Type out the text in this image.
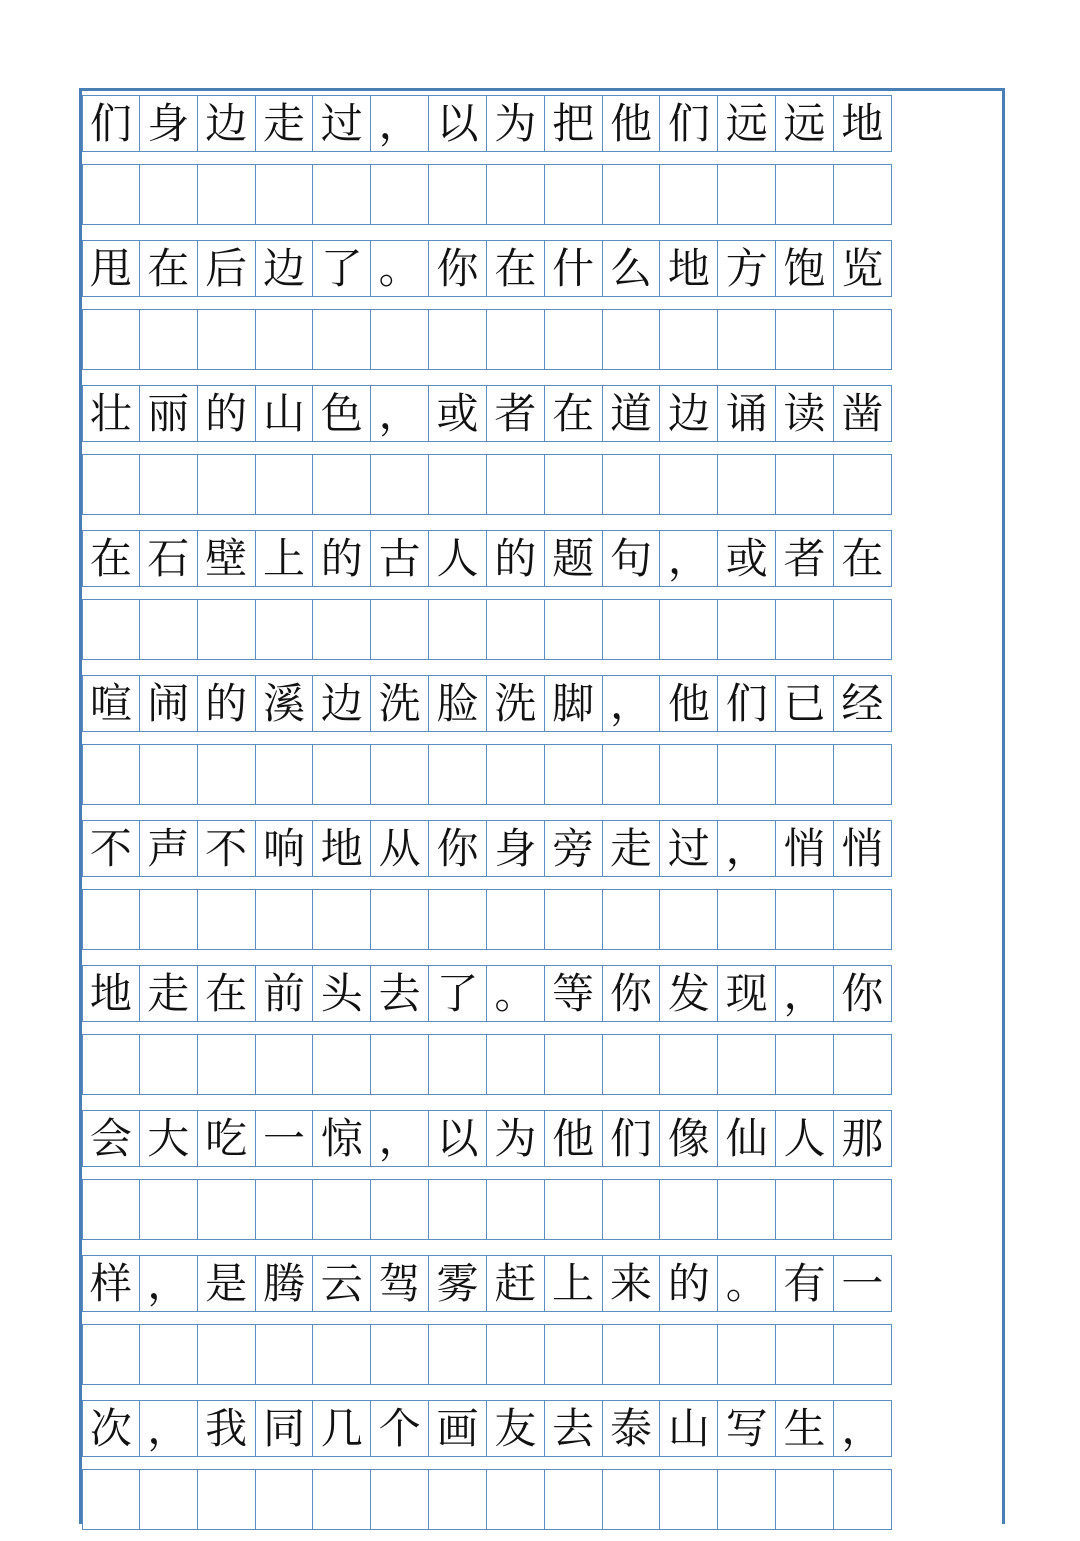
们 身 边 走 过 ， 以 为 把 他 们 远 远 地
甩 在 后 边 了 。 你 在 什 么 地 方 饱 览
壮 丽 的 山 色 ， 或 者 在 道 边 诵 读 凿
在 石 壁 上 的 古 人 的 题 句 ， 或 者 在
喧 闹 的 溪 边 洗 脸 洗 脚 ， 他 们 已 经
不 声 不 响 地 从 你 身 旁 走 过 ， 悄 悄
地 走 在 前 头 去 了 。 等 你 发 现 ， 你
会 大 吃 一 惊 ， 以 为 他 们 像 仙 人 那
样 ， 是 腾 云 驾 雾 赶 上 来 的 。 有 一
次 ， 我 同 几 个 画 友 去 泰 山 写 生 ，
